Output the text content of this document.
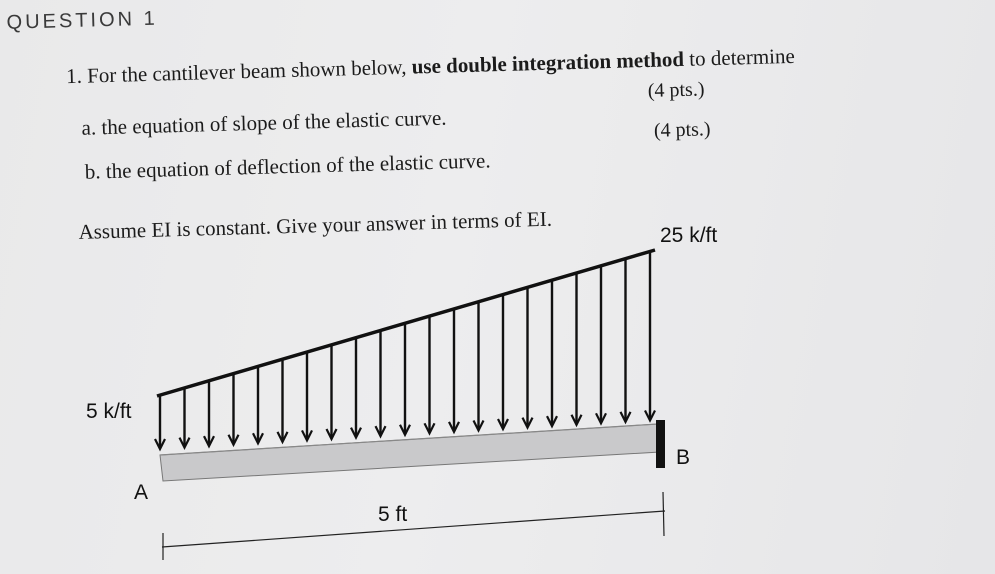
QUESTION 1
1. For the cantilever beam shown below, use double integration method to determine
a. the equation of slope of the elastic curve.
(4 pts.)
b. the equation of deflection of the elastic curve.
(4 pts.)
Assume EI is constant. Give your answer in terms of EI.	25 k/ft
5 k/ft
A
B
5 ft
